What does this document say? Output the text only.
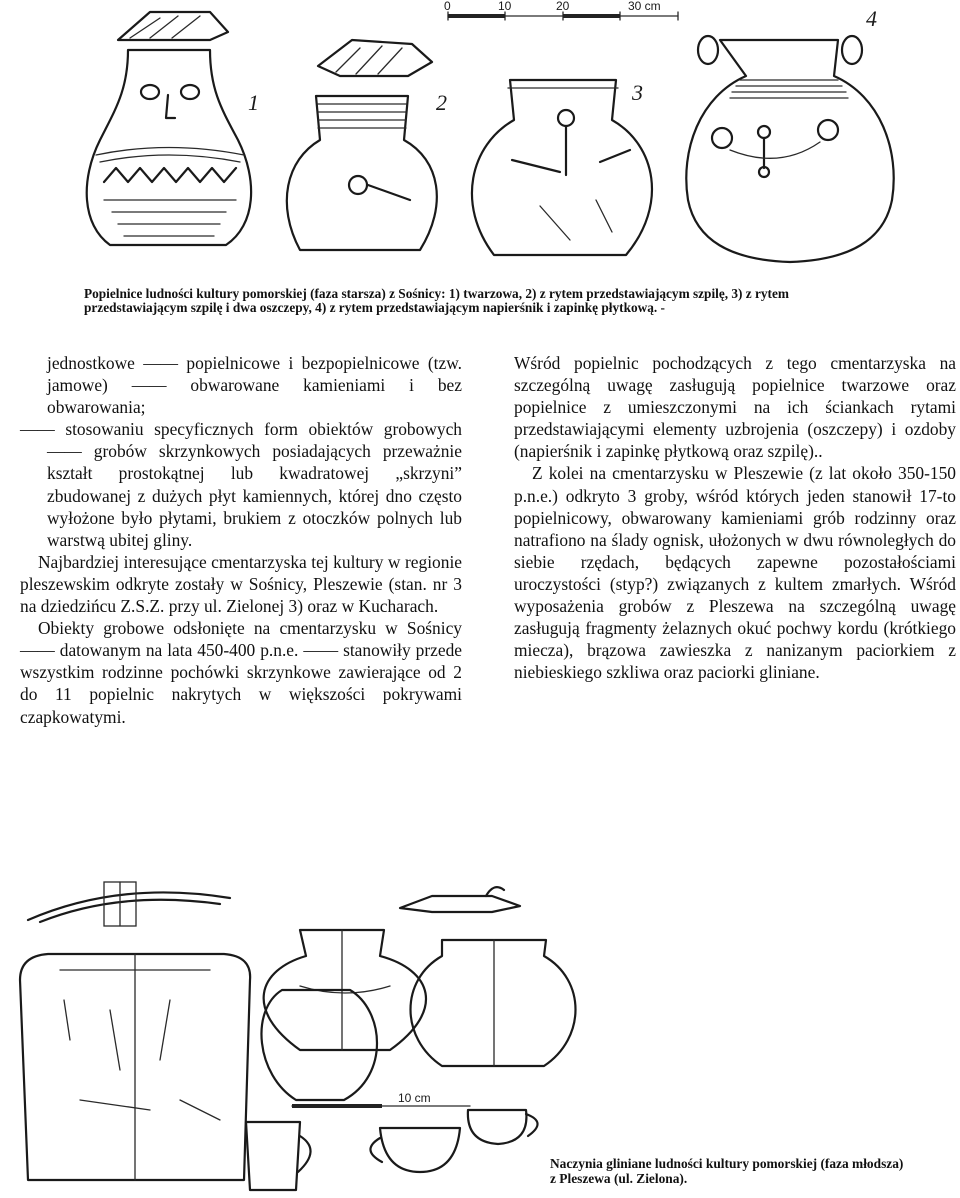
0	10	20	30 cm
1	2	3
4
Popielnice ludności kultury pomorskiej (faza starsza) z Sośnicy: 1) twarzowa, 2) z rytem przedstawiającym szpilę, 3) z rytem
przedstawiającym szpilę i dwa oszczepy, 4) z rytem przedstawiającym napierśnik i zapinkę płytkową. -

jednostkowe —— popielnicowe i bezpopielnicowe (tzw. jamowe) —— obwarowane kamieniami i bez obwarowania;

—— stosowaniu specyficznych form obiektów grobowych —— grobów skrzynkowych posiadających przeważnie kształt prostokątnej lub kwadratowej „skrzyni” zbudowanej z dużych płyt kamiennych, której dno często wyłożone było płytami, brukiem z otoczków polnych lub warstwą ubitej gliny.

Najbardziej interesujące cmentarzyska tej kultury w regionie pleszewskim odkryte zostały w Sośnicy, Pleszewie (stan. nr 3 na dziedzińcu Z.S.Z. przy ul. Zielonej 3) oraz w Kucharach.

Obiekty grobowe odsłonięte na cmentarzysku w Sośnicy —— datowanym na lata 450-400 p.n.e. —— stanowiły przede wszystkim rodzinne pochówki skrzynkowe zawierające od 2 do 11 popielnic nakrytych w większości pokrywami czapkowatymi.

Wśród popielnic pochodzących z tego cmentarzyska na szczególną uwagę zasługują popielnice twarzowe oraz popielnice z umieszczonymi na ich ściankach rytami przedstawiającymi elementy uzbrojenia (oszczepy) i ozdoby (napierśnik i zapinkę płytkową oraz szpilę)..

Z kolei na cmentarzysku w Pleszewie (z lat około 350-150 p.n.e.) odkryto 3 groby, wśród których jeden stanowił 17-to popielnicowy, obwarowany kamieniami grób rodzinny oraz natrafiono na ślady ognisk, ułożonych w dwu równoległych do siebie rzędach, będących zapewne pozostałościami uroczystości (styp?) związanych z kultem zmarłych. Wśród wyposażenia grobów z Pleszewa na szczególną uwagę zasługują fragmenty żelaznych okuć pochwy kordu (krótkiego miecza), brązowa zawieszka z nanizanym paciorkiem z niebieskiego szkliwa oraz paciorki gliniane.

10 cm
Naczynia gliniane ludności kultury pomorskiej (faza młodsza)
z Pleszewa (ul. Zielona).
